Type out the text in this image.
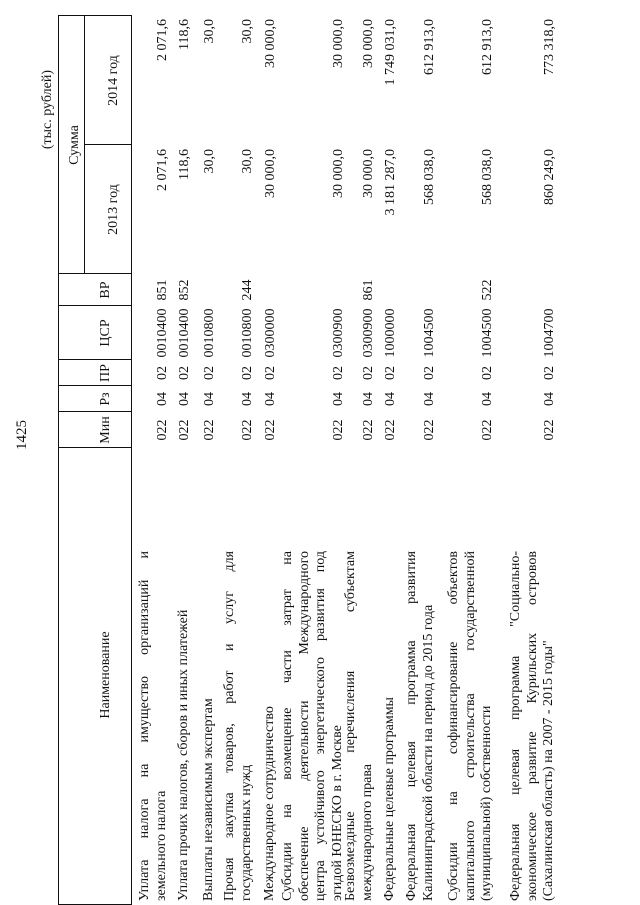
1425
(тыс. рублей)
Наименование
Мин
Рз
ПР
ЦСР
ВР
Сумма
2013 год
2014 год
Уплата налога на имущество организаций и земельного налога
022
04
02
0010400
851
2 071,6
2 071,6
Уплата прочих налогов, сборов и иных платежей
022
04
02
0010400
852
118,6
118,6
Выплаты независимым экспертам
022
04
02
0010800
30,0
30,0
Прочая закупка товаров, работ и услуг для государственных нужд
022
04
02
0010800
244
30,0
30,0
Международное сотрудничество
022
04
02
0300000
30 000,0
30 000,0
Субсидии на возмещение части затрат на обеспечение деятельности Международного центра устойчивого энергетического развития под эгидой ЮНЕСКО в г. Москве
022
04
02
0300900
30 000,0
30 000,0
Безвозмездные перечисления субъектам международного права
022
04
02
0300900
861
30 000,0
30 000,0
Федеральные целевые программы
022
04
02
1000000
3 181 287,0
1 749 031,0
Федеральная целевая программа развития Калининградской области на период до 2015 года
022
04
02
1004500
568 038,0
612 913,0
Субсидии на софинансирование объектов капитального строительства государственной (муниципальной) собственности
022
04
02
1004500
522
568 038,0
612 913,0
Федеральная целевая программа "Социально- экономическое развитие Курильских островов (Сахалинская область) на 2007 - 2015 годы"
022
04
02
1004700
860 249,0
773 318,0
